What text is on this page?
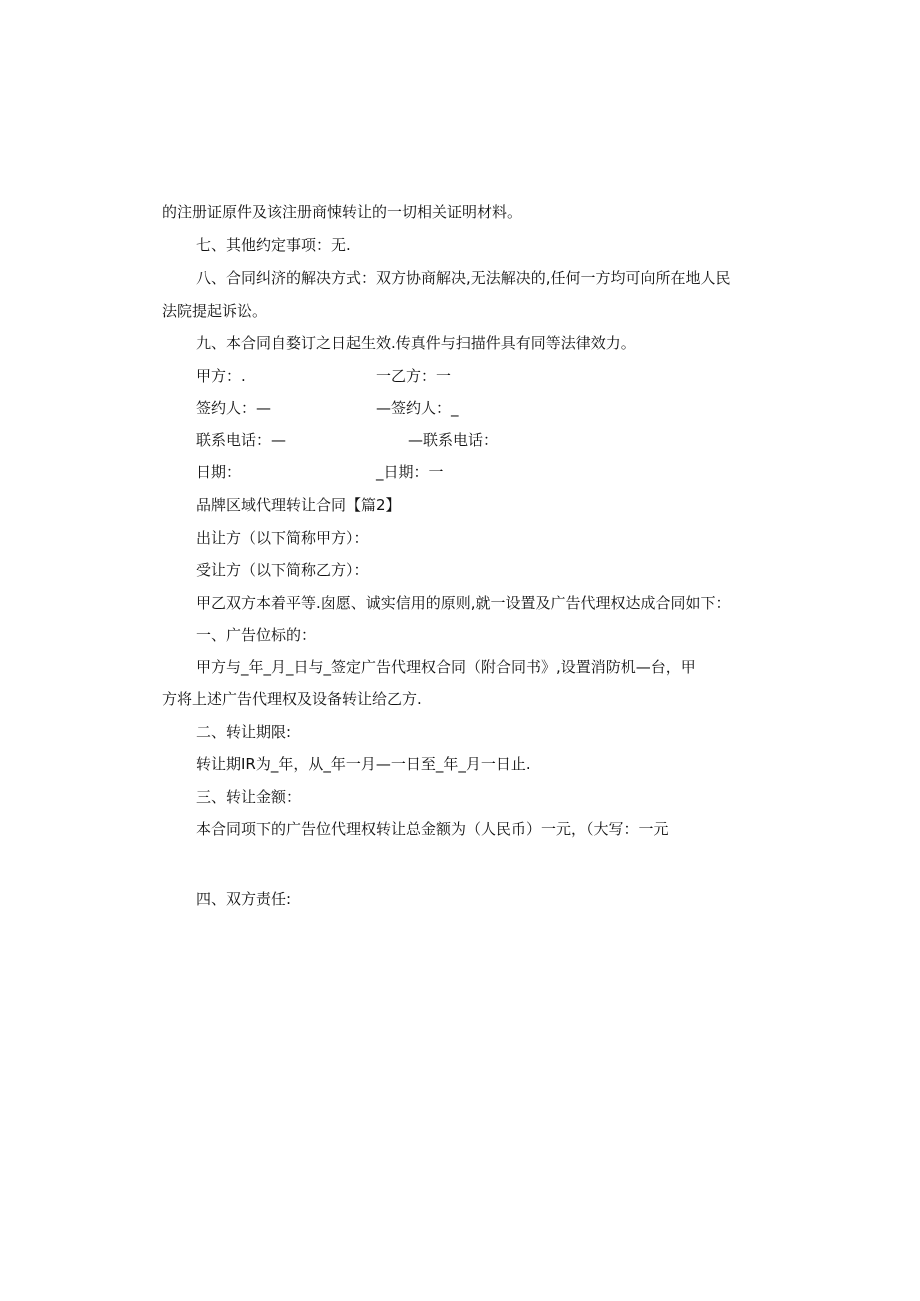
的注册证原件及该注册商悚转让的一切相关证明材料。

七、其他约定事项：无.

八、合同纠济的解决方式：双方协商解决,无法解决的,任何一方均可向所在地人民

法院提起诉讼。

九、本合同自婺订之日起生效.传真件与扫描件具有同等法律效力。

甲方：.	一乙方：一
签约人：—	—签约人：_
联系电话：—	—联系电话：
日期：	_日期：一

品牌区域代理转让合同【篇2】

出让方（以下简称甲方）：

受让方（以下简称乙方）：

甲乙双方本着平等.囱愿、诚实信用的原则,就一设置及广告代理权达成合同如下：

一、广告位标的：

甲方与_年_月_日与_签定广告代理权合同（附合同书》,设置消防机—台，甲

方将上述广告代理权及设备转让给乙方.

二、转让期限:

转让期IR为_年，从_年一月—一日至_年_月一日止.

三、转让金额：

本合同项下的广告位代理权转让总金额为（人民币）一元，（大写：一元

四、双方责任:
